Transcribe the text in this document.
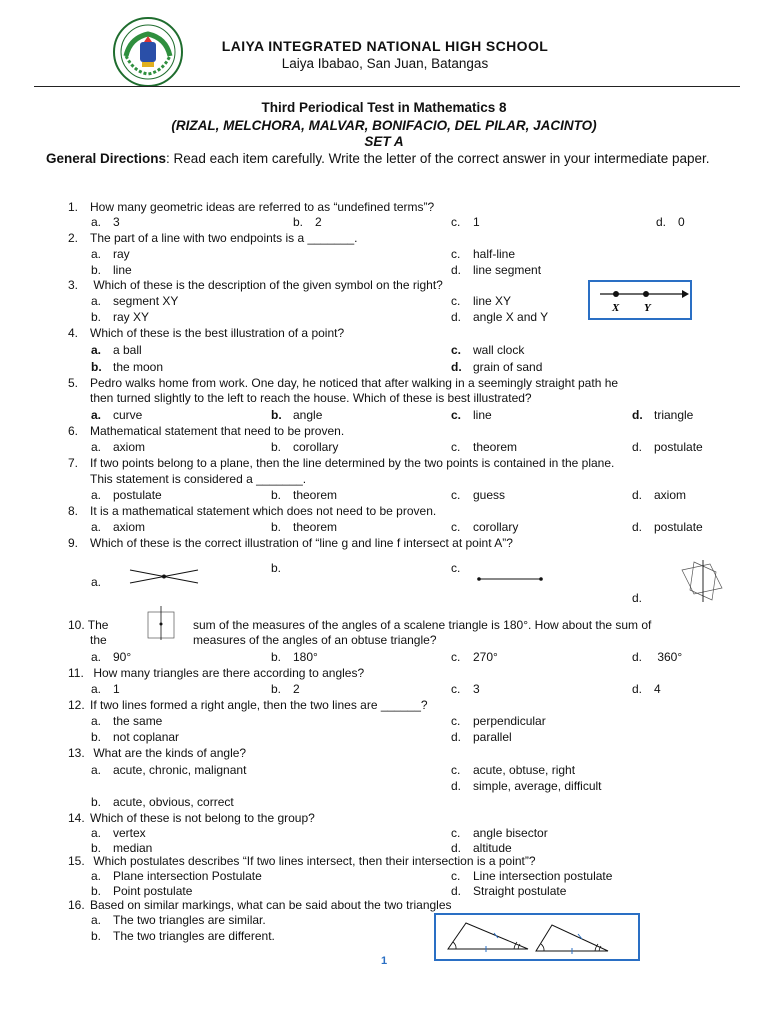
LAIYA INTEGRATED NATIONAL HIGH SCHOOL
Laiya Ibabao, San Juan, Batangas
Third Periodical Test in Mathematics 8
(RIZAL, MELCHORA, MALVAR, BONIFACIO, DEL PILAR, JACINTO)
SET A
General Directions: Read each item carefully. Write the letter of the correct answer in your intermediate paper.
1. How many geometric ideas are referred to as “undefined terms”?
a. 3	b. 2	c. 1	d. 0
2. The part of a line with two endpoints is a _______.
a. ray	c. half-line
b. line	d. line segment
3. Which of these is the description of the given symbol on the right?
a. segment XY	c. line XY
b. ray XY	d. angle X and Y
X Y
4. Which of these is the best illustration of a point?
a. a ball	c. wall clock
b. the moon	d. grain of sand
5. Pedro walks home from work. One day, he noticed that after walking in a seemingly straight path he
then turned slightly to the left to reach the house. Which of these is best illustrated?
a. curve	b. angle	c. line	d. triangle
6. Mathematical statement that need to be proven.
a. axiom	b. corollary	c. theorem	d. postulate
7. If two points belong to a plane, then the line determined by the two points is contained in the plane.
This statement is considered a _______.
a. postulate	b. theorem	c. guess	d. axiom
8. It is a mathematical statement which does not need to be proven.
a. axiom	b. theorem	c. corollary	d. postulate
9. Which of these is the correct illustration of “line g and line f intersect at point A”?
a.
b.	c.
d.
10. The	sum of the measures of the angles of a scalene triangle is 180°. How about the sum of
the	measures of the angles of an obtuse triangle?
a. 90°	b. 180°	c. 270°	d. 360°
11. How many triangles are there according to angles?
a. 1	b. 2	c. 3	d. 4
12. If two lines formed a right angle, then the two lines are ______?
a. the same	c. perpendicular
b. not coplanar	d. parallel
13. What are the kinds of angle?
a. acute, chronic, malignant	c. acute, obtuse, right
d. simple, average, difficult
b. acute, obvious, correct
14. Which of these is not belong to the group?
a. vertex	c. angle bisector
b. median	d. altitude
15. Which postulates describes “If two lines intersect, then their intersection is a point”?
a. Plane intersection Postulate	c. Line intersection postulate
b. Point postulate	d. Straight postulate
16. Based on similar markings, what can be said about the two triangles
a. The two triangles are similar.
b. The two triangles are different.
1
